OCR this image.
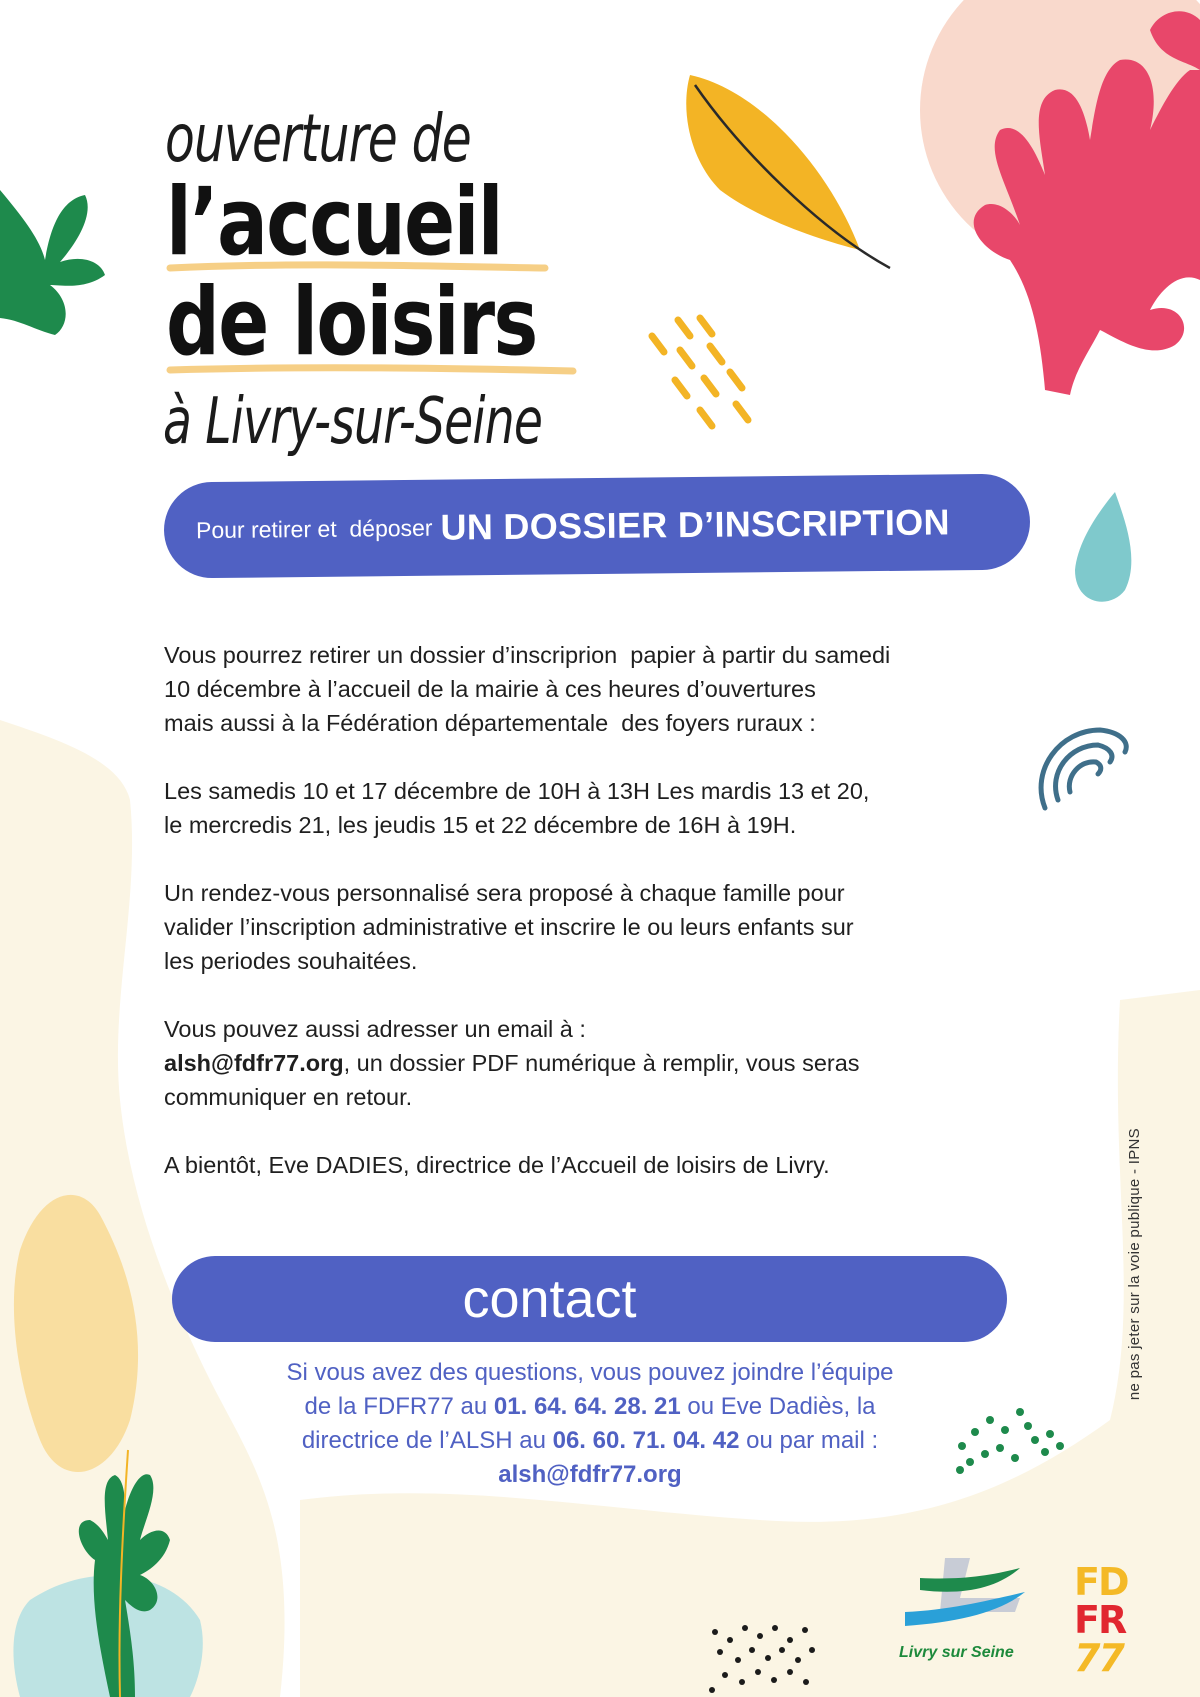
ouverture de
l’accueil
de loisirs
à Livry-sur-Seine
Pour retirer et  déposer UN DOSSIER D’INSCRIPTION

Vous pourrez retirer un dossier d’inscriprion  papier à partir du samedi
10 décembre à l’accueil de la mairie à ces heures d’ouvertures
mais aussi à la Fédération départementale  des foyers ruraux :

Les samedis 10 et 17 décembre de 10H à 13H Les mardis 13 et 20,
le mercredis 21, les jeudis 15 et 22 décembre de 16H à 19H.

Un rendez-vous personnalisé sera proposé à chaque famille pour
valider l’inscription administrative et inscrire le ou leurs enfants sur
les periodes souhaitées.

Vous pouvez aussi adresser un email à :
alsh@fdfr77.org, un dossier PDF numérique à remplir, vous seras
communiquer en retour.

A bientôt, Eve DADIES, directrice de l’Accueil de loisirs de Livry.

contact
Si vous avez des questions, vous pouvez joindre l’équipe
de la FDFR77 au 01. 64. 64. 28. 21 ou Eve Dadiès, la
directrice de l’ALSH au 06. 60. 71. 04. 42 ou par mail :
alsh@fdfr77.org
ne pas jeter sur la voie publique - IPNS
Livry sur Seine
FD
FR
77
